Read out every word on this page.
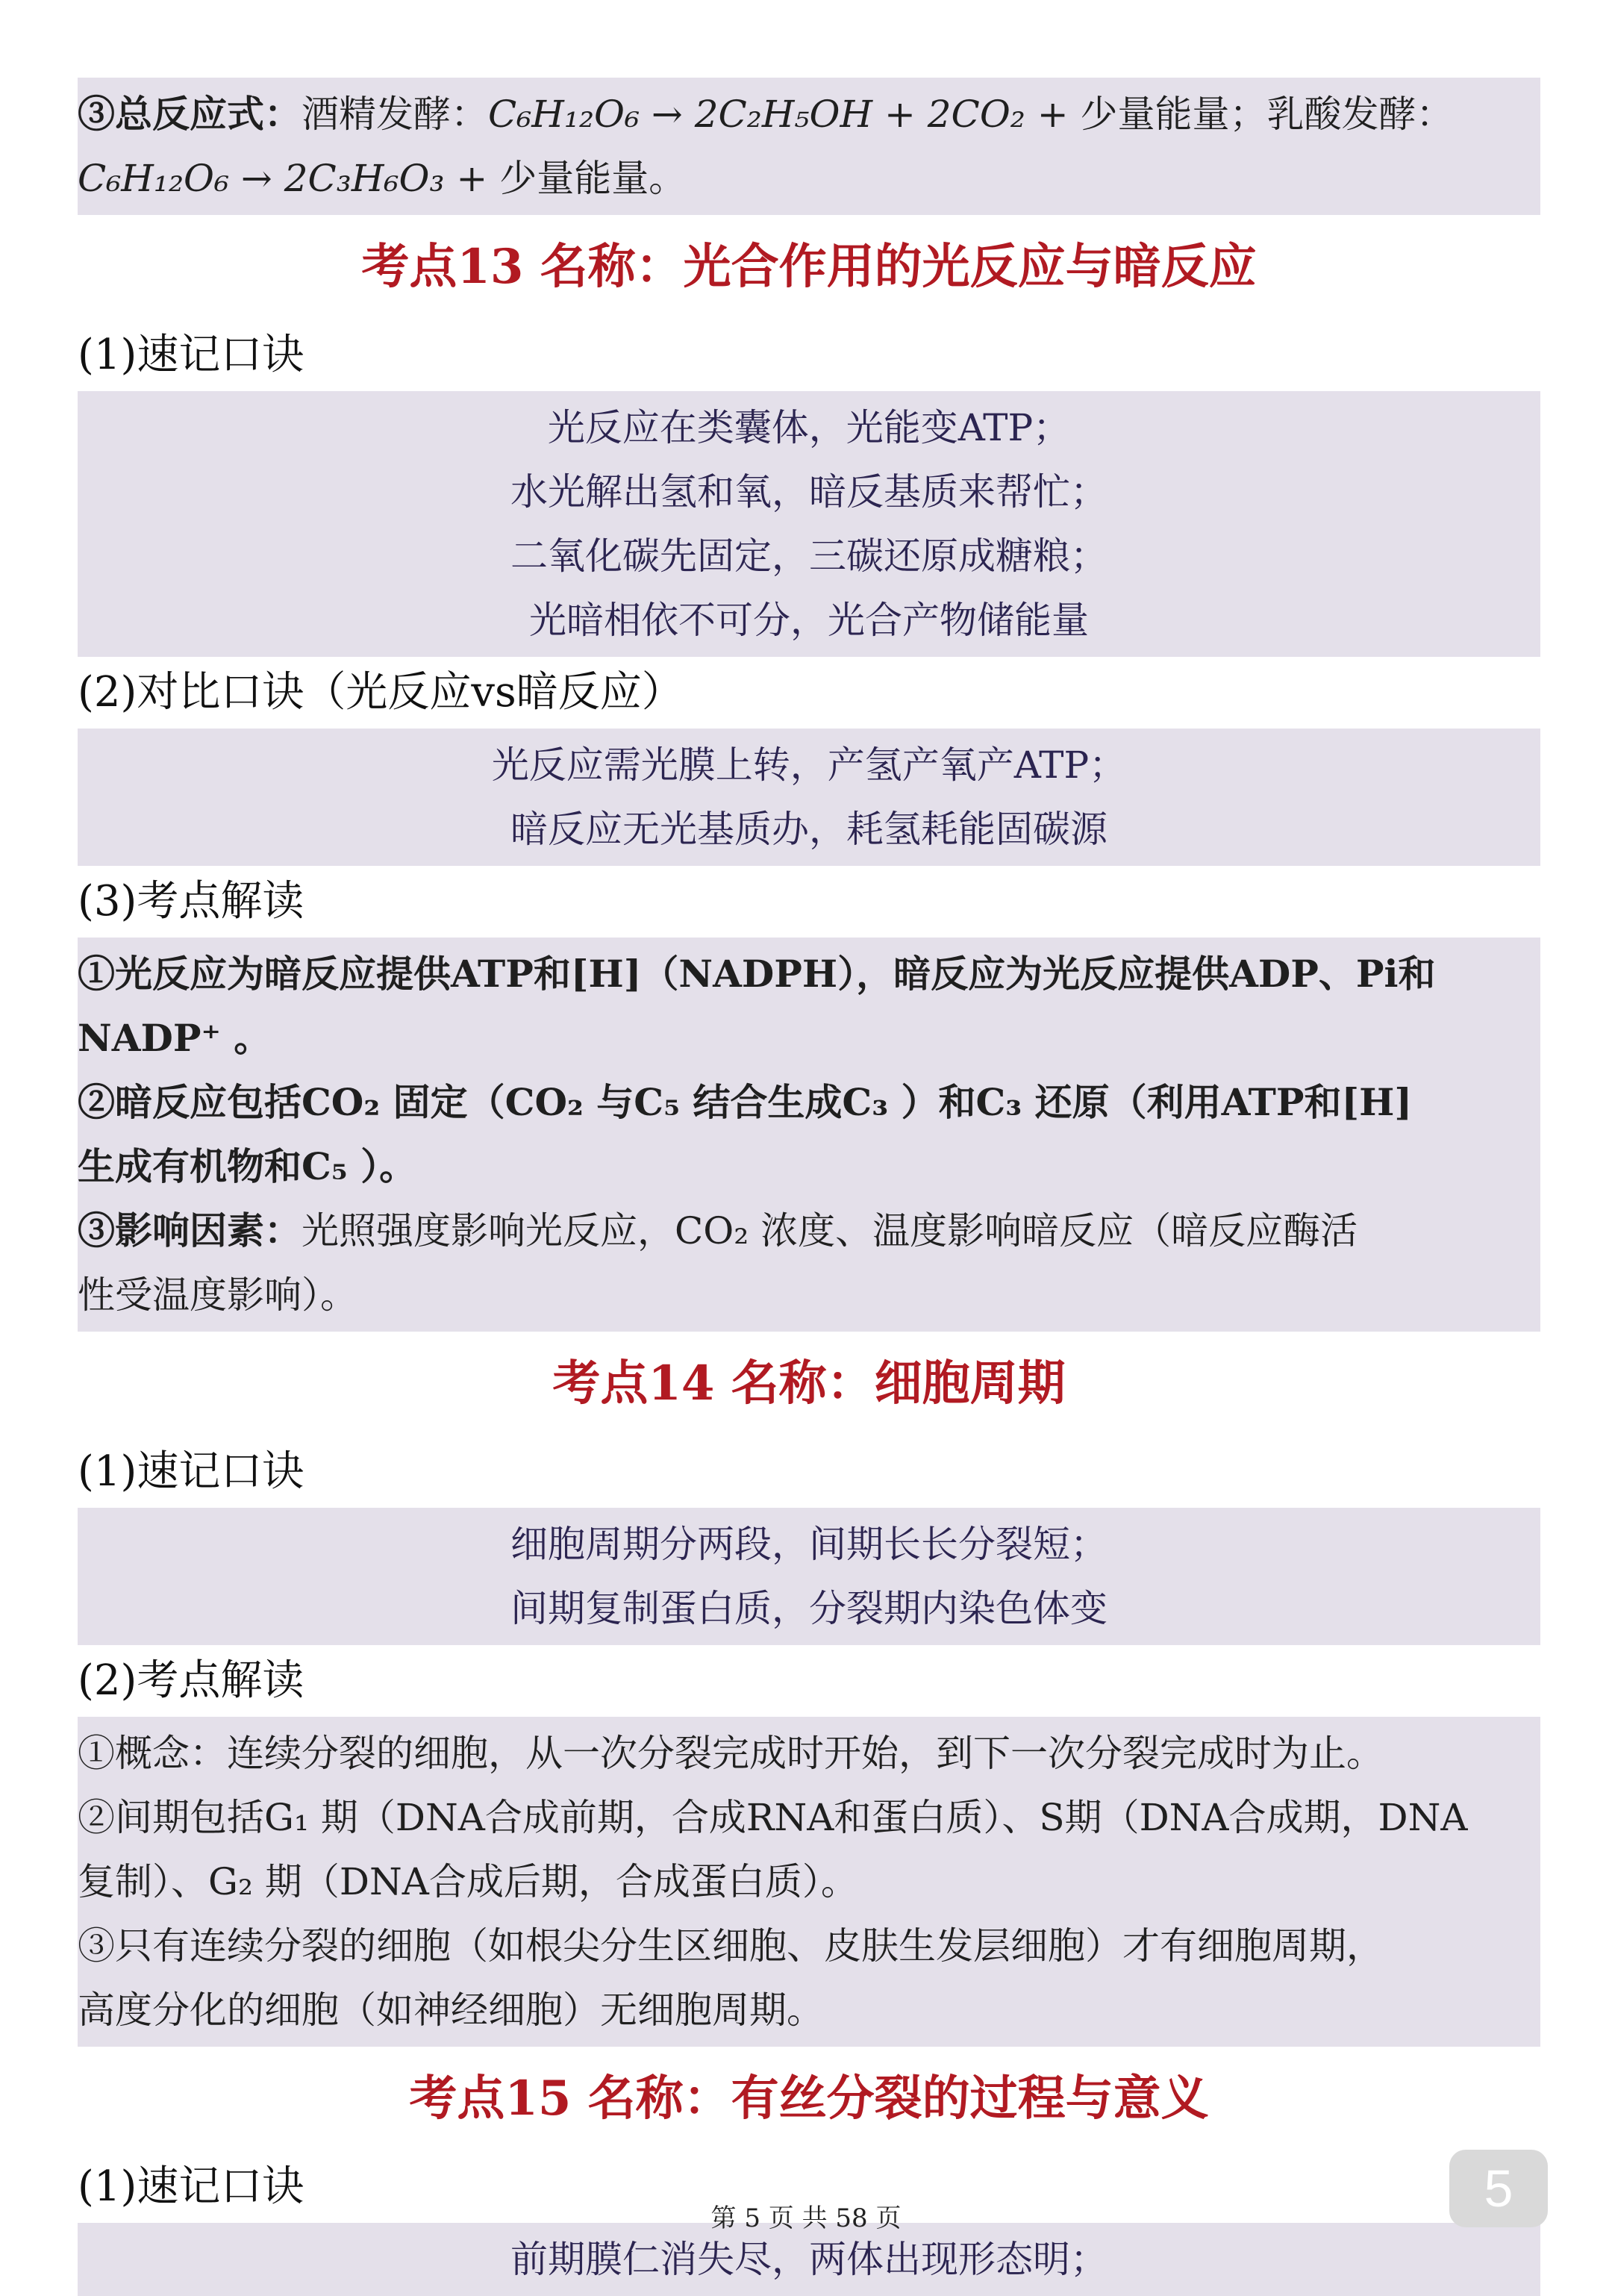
③总反应式：酒精发酵：C₆H₁₂O₆ → 2C₂H₅OH + 2CO₂ + 少量能量；乳酸发酵：
C₆H₁₂O₆ → 2C₃H₆O₃ + 少量能量。
考点13 名称：光合作用的光反应与暗反应
(1)速记口诀
光反应在类囊体，光能变ATP；
水光解出氢和氧，暗反基质来帮忙；
二氧化碳先固定，三碳还原成糖粮；
光暗相依不可分，光合产物储能量
(2)对比口诀（光反应vs暗反应）
光反应需光膜上转，产氢产氧产ATP；
暗反应无光基质办，耗氢耗能固碳源
(3)考点解读
①光反应为暗反应提供ATP和[H]（NADPH），暗反应为光反应提供ADP、Pi和
NADP⁺ 。
②暗反应包括CO₂ 固定（CO₂ 与C₅ 结合生成C₃ ）和C₃ 还原（利用ATP和[H]
生成有机物和C₅ ）。
③影响因素：光照强度影响光反应，CO₂ 浓度、温度影响暗反应（暗反应酶活
性受温度影响）。
考点14 名称：细胞周期
(1)速记口诀
细胞周期分两段，间期长长分裂短；
间期复制蛋白质，分裂期内染色体变
(2)考点解读
①概念：连续分裂的细胞，从一次分裂完成时开始，到下一次分裂完成时为止。
②间期包括G₁ 期（DNA合成前期，合成RNA和蛋白质）、S期（DNA合成期，DNA
复制）、G₂ 期（DNA合成后期，合成蛋白质）。
③只有连续分裂的细胞（如根尖分生区细胞、皮肤生发层细胞）才有细胞周期，
高度分化的细胞（如神经细胞）无细胞周期。
考点15 名称：有丝分裂的过程与意义
(1)速记口诀
前期膜仁消失尽，两体出现形态明；
5
第 5 页 共 58 页
